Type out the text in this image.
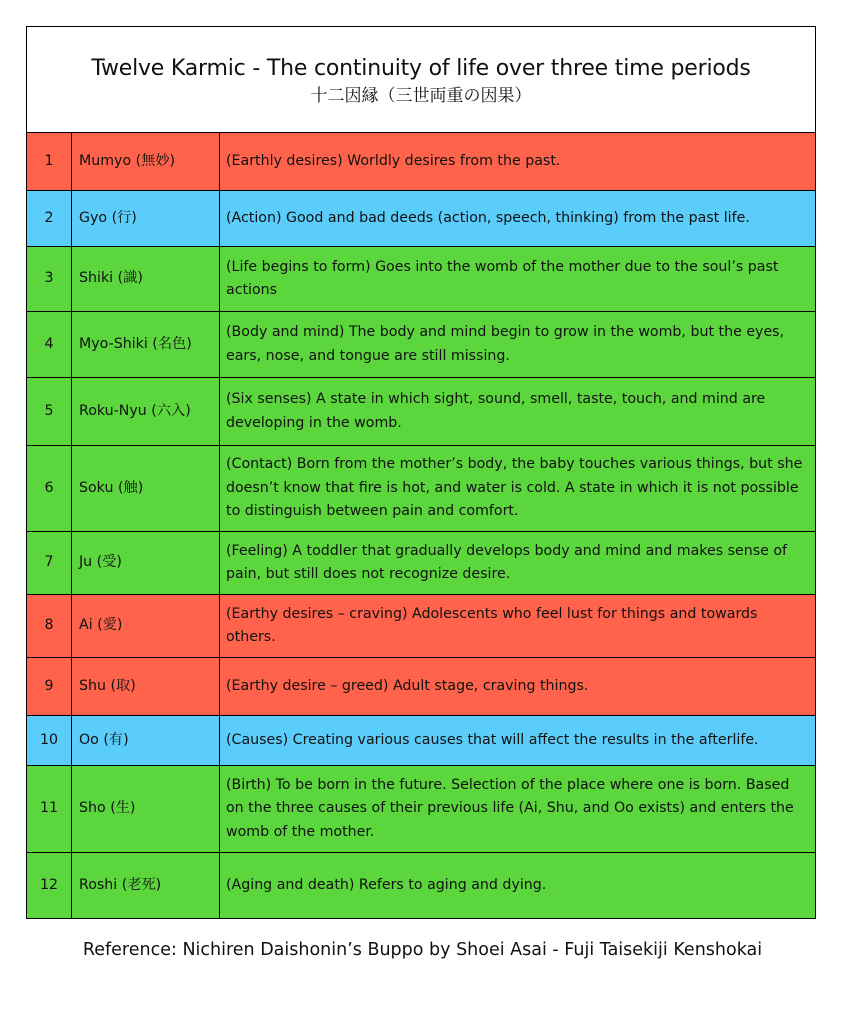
Twelve Karmic - The continuity of life over three time periods
十二因縁（三世両重の因果）
1	Mumyo (無妙)	(Earthly desires) Worldly desires from the past.
2	Gyo (行)	(Action) Good and bad deeds (action, speech, thinking) from the past life.
3	Shiki (識)	(Life begins to form) Goes into the womb of the mother due to the soul’s past actions
4	Myo-Shiki (名色)	(Body and mind) The body and mind begin to grow in the womb, but the eyes, ears, nose, and tongue are still missing.
5	Roku-Nyu (六入)	(Six senses) A state in which sight, sound, smell, taste, touch, and mind are developing in the womb.
6	Soku (触)	(Contact) Born from the mother’s body, the baby touches various things, but she doesn’t know that fire is hot, and water is cold. A state in which it is not possible to distinguish between pain and comfort.
7	Ju (受)	(Feeling) A toddler that gradually develops body and mind and makes sense of pain, but still does not recognize desire.
8	Ai (愛)	(Earthy desires – craving) Adolescents who feel lust for things and towards others.
9	Shu (取)	(Earthy desire – greed) Adult stage, craving things.
10	Oo (有)	(Causes) Creating various causes that will affect the results in the afterlife.
11	Sho (生)	(Birth) To be born in the future. Selection of the place where one is born. Based on the three causes of their previous life (Ai, Shu, and Oo exists) and enters the womb of the mother.
12	Roshi (老死)	(Aging and death) Refers to aging and dying.
Reference: Nichiren Daishonin’s Buppo by Shoei Asai - Fuji Taisekiji Kenshokai
